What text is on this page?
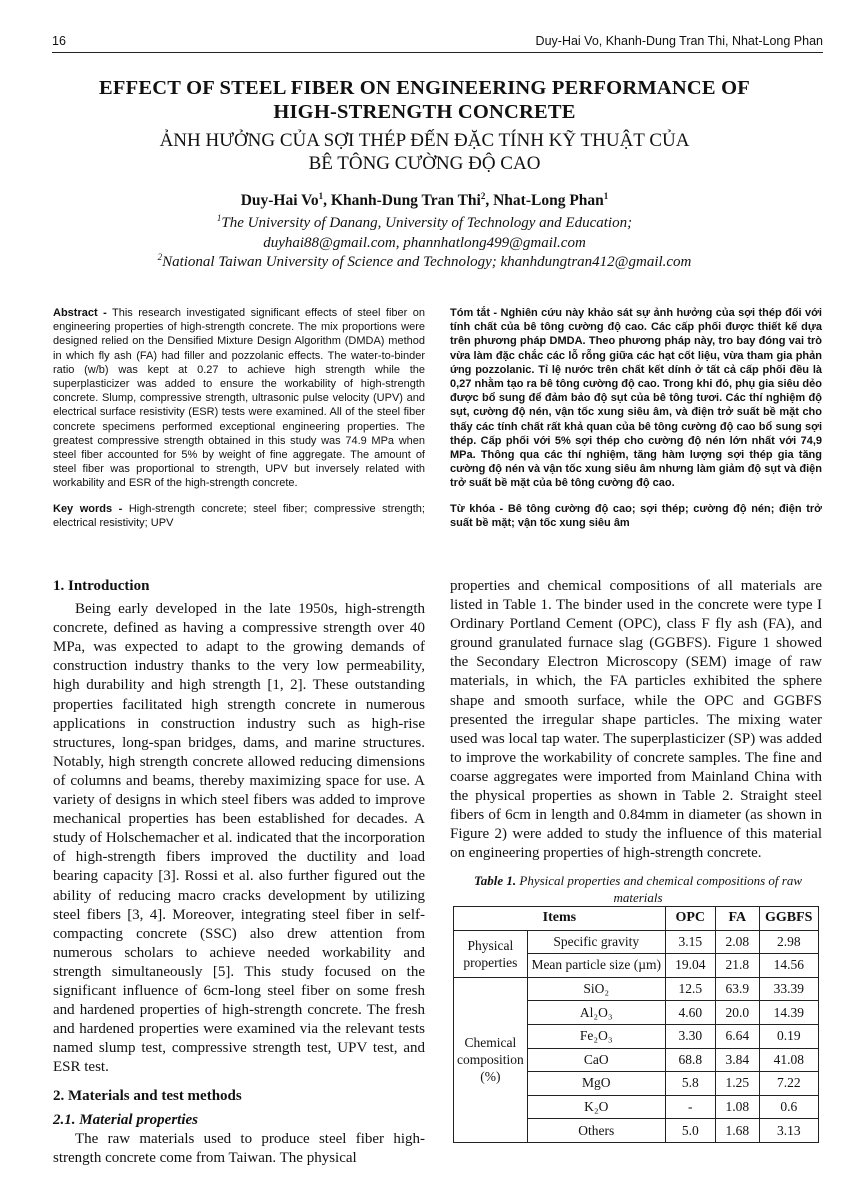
16	Duy-Hai Vo, Khanh-Dung Tran Thi, Nhat-Long Phan
EFFECT OF STEEL FIBER ON ENGINEERING PERFORMANCE OF
HIGH-STRENGTH CONCRETE
ẢNH HƯỞNG CỦA SỢI THÉP ĐẾN ĐẶC TÍNH KỸ THUẬT CỦA
BÊ TÔNG CƯỜNG ĐỘ CAO
Duy-Hai Vo$^1$, Khanh-Dung Tran Thi$^2$, Nhat-Long Phan$^1$
$^1$The University of Danang, University of Technology and Education;
duyhai88@gmail.com, phannhatlong499@gmail.com
$^2$National Taiwan University of Science and Technology; khanhdungtran412@gmail.com
Abstract - This research investigated significant effects of steel fiber on engineering properties of high-strength concrete. The mix proportions were designed relied on the Densified Mixture Design Algorithm (DMDA) method in which fly ash (FA) had filler and pozzolanic effects. The water-to-binder ratio (w/b) was kept at 0.27 to achieve high strength while the superplasticizer was added to ensure the workability of high-strength concrete. Slump, compressive strength, ultrasonic pulse velocity (UPV) and electrical surface resistivity (ESR) tests were examined. All of the steel fiber concrete specimens performed exceptional engineering properties. The greatest compressive strength obtained in this study was 74.9 MPa when steel fiber accounted for 5% by weight of fine aggregate. The amount of steel fiber was proportional to strength, UPV but inversely related with workability and ESR of the high-strength concrete.
Key words - High-strength concrete; steel fiber; compressive strength; electrical resistivity; UPV
Tóm tắt - Nghiên cứu này khảo sát sự ảnh hưởng của sợi thép đối với tính chất của bê tông cường độ cao. Các cấp phối được thiết kế dựa trên phương pháp DMDA. Theo phương pháp này, tro bay đóng vai trò vừa làm đặc chắc các lỗ rỗng giữa các hạt cốt liệu, vừa tham gia phản ứng pozzolanic. Tỉ lệ nước trên chất kết dính ở tất cả cấp phối đều là 0,27 nhằm tạo ra bê tông cường độ cao. Trong khi đó, phụ gia siêu dẻo được bổ sung để đảm bảo độ sụt của bê tông tươi. Các thí nghiệm độ sụt, cường độ nén, vận tốc xung siêu âm, và điện trở suất bề mặt cho thấy các tính chất rất khả quan của bê tông cường độ cao bổ sung sợi thép. Cấp phối với 5% sợi thép cho cường độ nén lớn nhất với 74,9 MPa. Thông qua các thí nghiệm, tăng hàm lượng sợi thép gia tăng cường độ nén và vận tốc xung siêu âm nhưng làm giảm độ sụt và điện trở suất bề mặt của bê tông cường độ cao.
Từ khóa - Bê tông cường độ cao; sợi thép; cường độ nén; điện trở suất bề mặt; vận tốc xung siêu âm

1. Introduction

Being early developed in the late 1950s, high-strength concrete, defined as having a compressive strength over 40 MPa, was expected to adapt to the growing demands of construction industry thanks to the very low permeability, high durability and high strength [1, 2]. These outstanding properties facilitated high strength concrete in numerous applications in construction industry such as high-rise structures, long-span bridges, dams, and marine structures. Notably, high strength concrete allowed reducing dimensions of columns and beams, thereby maximizing space for use. A variety of designs in which steel fibers was added to improve mechanical properties has been established for decades. A study of Holschemacher et al. indicated that the incorporation of high-strength fibers improved the ductility and load bearing capacity [3]. Rossi et al. also further figured out the ability of reducing macro cracks development by utilizing steel fibers [3, 4]. Moreover, integrating steel fiber in self-compacting concrete (SSC) also drew attention from numerous scholars to achieve needed workability and strength simultaneously [5]. This study focused on the significant influence of 6cm-long steel fiber on some fresh and hardened properties of high-strength concrete. The fresh and hardened properties were examined via the relevant tests named slump test, compressive strength test, UPV test, and ESR test.

2. Materials and test methods

2.1. Material properties

The raw materials used to produce steel fiber high-strength concrete come from Taiwan. The physical

properties and chemical compositions of all materials are listed in Table 1. The binder used in the concrete were type I Ordinary Portland Cement (OPC), class F fly ash (FA), and ground granulated furnace slag (GGBFS). Figure 1 showed the Secondary Electron Microscopy (SEM) image of raw materials, in which, the FA particles exhibited the sphere shape and smooth surface, while the OPC and GGBFS presented the irregular shape particles. The mixing water used was local tap water. The superplasticizer (SP) was added to improve the workability of concrete samples. The fine and coarse aggregates were imported from Mainland China with the physical properties as shown in Table 2. Straight steel fibers of 6cm in length and 0.84mm in diameter (as shown in Figure 2) were added to study the influence of this material on engineering properties of high-strength concrete.

Table 1. Physical properties and chemical compositions of raw materials
Items		OPC	FA	GGBFS
Physical properties	Specific gravity	3.15	2.08	2.98
	Mean particle size (µm)	19.04	21.8	14.56
Chemical composition (%)	SiO₂	12.5	63.9	33.39
	Al₂O₃	4.60	20.0	14.39
	Fe₂O₃	3.30	6.64	0.19
	CaO	68.8	3.84	41.08
	MgO	5.8	1.25	7.22
	K₂O	-	1.08	0.6
	Others	5.0	1.68	3.13
